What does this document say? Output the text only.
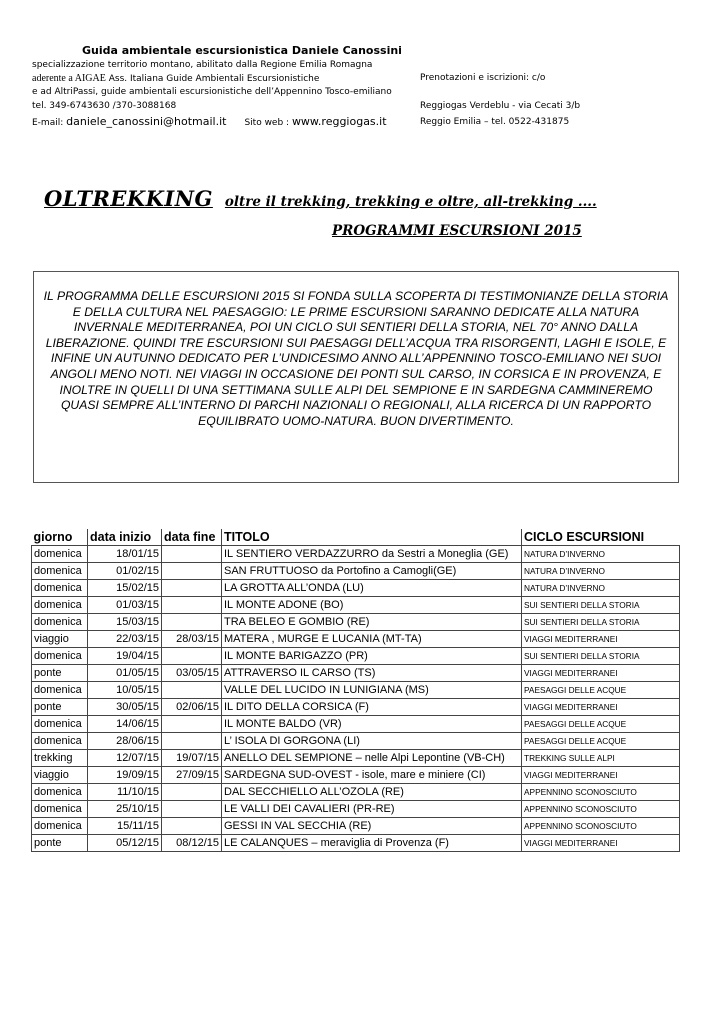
Guida ambientale escursionistica Daniele Canossini
specializzazione territorio montano, abilitato dalla Regione Emilia Romagna
aderente a AIGAE Ass. Italiana Guide Ambientali Escursionistiche
e ad AltriPassi, guide ambientali escursionistiche dell’Appennino Tosco-emiliano
tel. 349-6743630 /370-3088168
E-mail: daniele_canossini@hotmail.it Sito web : www.reggiogas.it
Prenotazioni e iscrizioni: c/o
Reggiogas Verdeblu - via Cecati 3/b
Reggio Emilia – tel. 0522-431875
OLTREKKING oltre il trekking, trekking e oltre, all-trekking ....
PROGRAMMI ESCURSIONI 2015
IL PROGRAMMA DELLE ESCURSIONI 2015 SI FONDA SULLA SCOPERTA DI TESTIMONIANZE DELLA STORIA E DELLA CULTURA NEL PAESAGGIO: LE PRIME ESCURSIONI SARANNO DEDICATE ALLA NATURA INVERNALE MEDITERRANEA, POI UN CICLO SUI SENTIERI DELLA STORIA, NEL 70° ANNO DALLA LIBERAZIONE. QUINDI TRE ESCURSIONI SUI PAESAGGI DELL’ACQUA TRA RISORGENTI, LAGHI E ISOLE, E INFINE UN AUTUNNO DEDICATO PER L’UNDICESIMO ANNO ALL’APPENNINO TOSCO-EMILIANO NEI SUOI ANGOLI MENO NOTI. NEI VIAGGI IN OCCASIONE DEI PONTI SUL CARSO, IN CORSICA E IN PROVENZA, E INOLTRE IN QUELLI DI UNA SETTIMANA SULLE ALPI DEL SEMPIONE E IN SARDEGNA CAMMINEREMO QUASI SEMPRE ALL’INTERNO DI PARCHI NAZIONALI O REGIONALI, ALLA RICERCA DI UN RAPPORTO EQUILIBRATO UOMO-NATURA. BUON DIVERTIMENTO.
giorno	data inizio	data fine	TITOLO	CICLO ESCURSIONI
domenica	18/01/15		IL SENTIERO VERDAZZURRO da Sestri a Moneglia (GE)	NATURA D’INVERNO
domenica	01/02/15		SAN FRUTTUOSO da Portofino a Camogli(GE)	NATURA D’INVERNO
domenica	15/02/15		LA GROTTA ALL’ONDA (LU)	NATURA D’INVERNO
domenica	01/03/15		IL MONTE ADONE (BO)	SUI SENTIERI DELLA STORIA
domenica	15/03/15		TRA BELEO E GOMBIO (RE)	SUI SENTIERI DELLA STORIA
viaggio	22/03/15	28/03/15	MATERA , MURGE E LUCANIA (MT-TA)	VIAGGI MEDITERRANEI
domenica	19/04/15		IL MONTE BARIGAZZO (PR)	SUI SENTIERI DELLA STORIA
ponte	01/05/15	03/05/15	ATTRAVERSO IL CARSO (TS)	VIAGGI MEDITERRANEI
domenica	10/05/15		VALLE DEL LUCIDO IN LUNIGIANA (MS)	PAESAGGI DELLE ACQUE
ponte	30/05/15	02/06/15	IL DITO DELLA CORSICA (F)	VIAGGI MEDITERRANEI
domenica	14/06/15		IL MONTE BALDO (VR)	PAESAGGI DELLE ACQUE
domenica	28/06/15		L’ ISOLA DI GORGONA (LI)	PAESAGGI DELLE ACQUE
trekking	12/07/15	19/07/15	ANELLO DEL SEMPIONE – nelle Alpi Lepontine (VB-CH)	TREKKING SULLE ALPI
viaggio	19/09/15	27/09/15	SARDEGNA SUD-OVEST - isole, mare e miniere (CI)	VIAGGI MEDITERRANEI
domenica	11/10/15		DAL SECCHIELLO ALL’OZOLA (RE)	APPENNINO SCONOSCIUTO
domenica	25/10/15		LE VALLI DEI CAVALIERI (PR-RE)	APPENNINO SCONOSCIUTO
domenica	15/11/15		GESSI IN VAL SECCHIA (RE)	APPENNINO SCONOSCIUTO
ponte	05/12/15	08/12/15	LE CALANQUES – meraviglia di Provenza (F)	VIAGGI MEDITERRANEI
